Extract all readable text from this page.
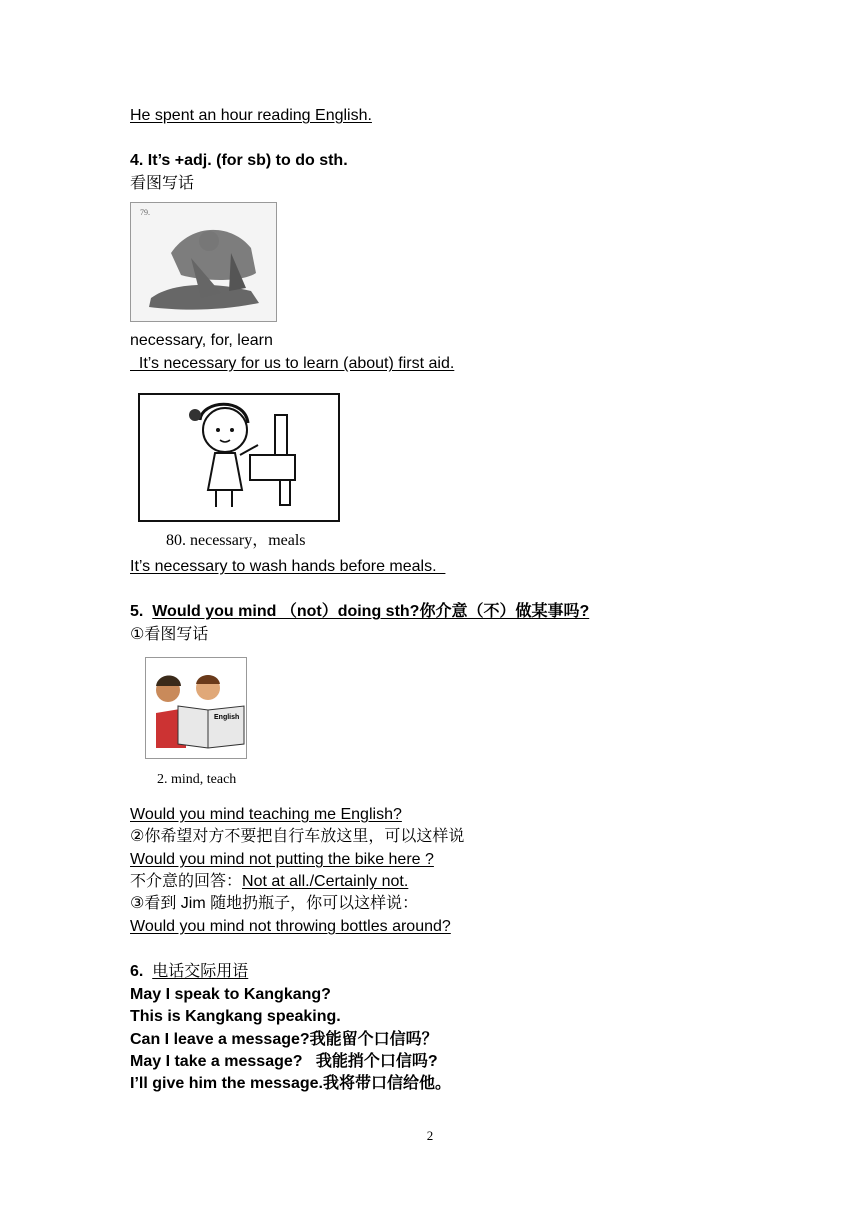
He spent an hour reading English.
4. It’s +adj. (for sb) to do sth.
看图写话
79.
necessary, for, learn
It’s necessary for us to learn (about) first aid.
80. necessary，meals
It’s necessary to wash hands before meals.
5. Would you mind （not）doing sth?你介意（不）做某事吗?
①看图写话
English
2. mind, teach
Would you mind teaching me English?
②你希望对方不要把自行车放这里，可以这样说
Would you mind not putting the bike here ?
不介意的回答：Not at all./Certainly not.
③看到 Jim 随地扔瓶子，你可以这样说：
Would you mind not throwing bottles around?
6. 电话交际用语
May I speak to Kangkang?
This is Kangkang speaking.
Can I leave a message?我能留个口信吗？
May I take a message?   我能捎个口信吗?
I’ll give him the message.我将带口信给他。
2
